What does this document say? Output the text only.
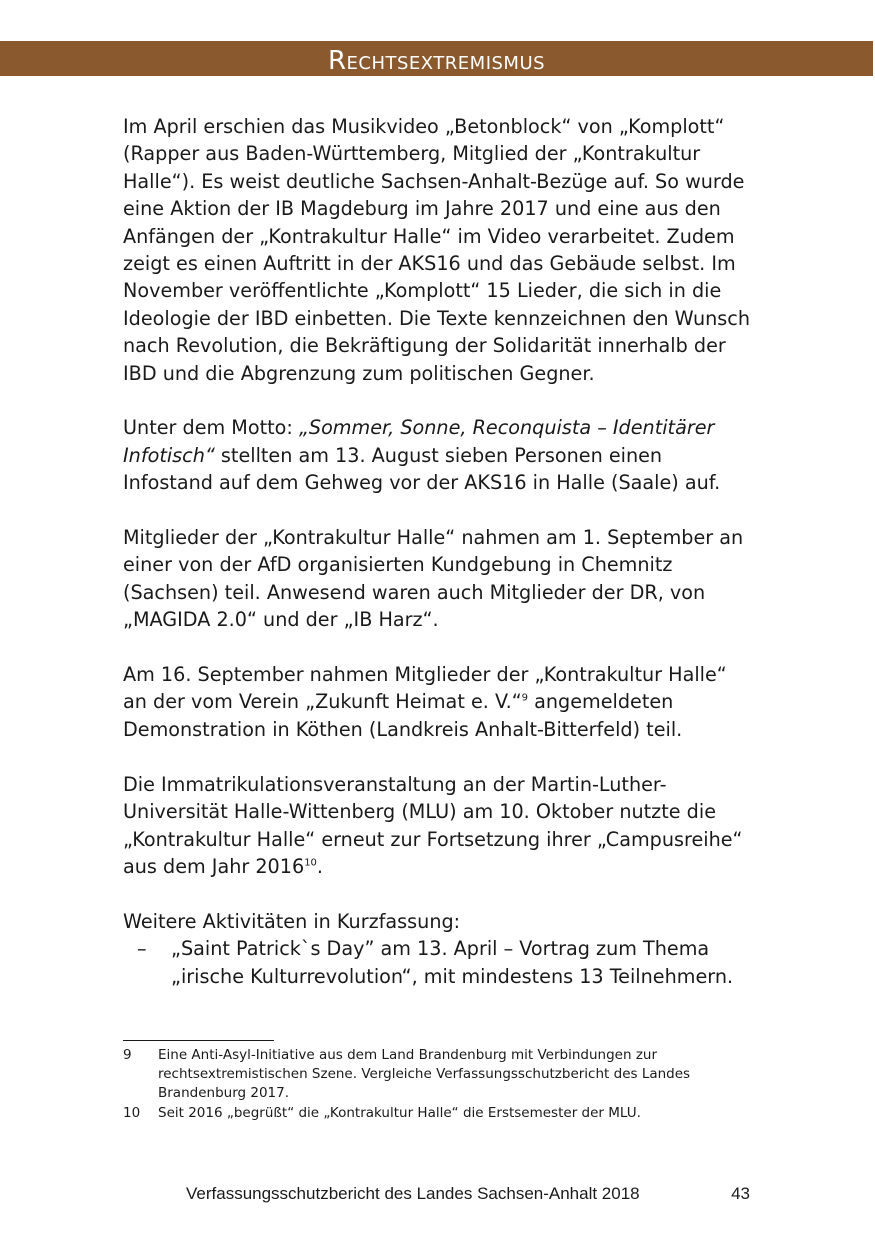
Rechtsextremismus

Im April erschien das Musikvideo „Betonblock“ von „Komplott“ (Rapper aus Baden-Württemberg, Mitglied der „Kontrakultur Halle“). Es weist deutliche Sachsen-Anhalt-Bezüge auf. So wurde eine Aktion der IB Magdeburg im Jahre 2017 und eine aus den Anfängen der „Kontrakultur Halle“ im Video verarbeitet. Zudem zeigt es einen Auftritt in der AKS16 und das Gebäude selbst. Im November veröffentlichte „Komplott“ 15 Lieder, die sich in die Ideologie der IBD einbetten. Die Texte kennzeichnen den Wunsch nach Revolution, die Bekräftigung der Solidarität innerhalb der IBD und die Abgrenzung zum politischen Gegner.

Unter dem Motto: „Sommer, Sonne, Reconquista – Identitärer Infotisch“ stellten am 13. August sieben Personen einen Infostand auf dem Gehweg vor der AKS16 in Halle (Saale) auf.

Mitglieder der „Kontrakultur Halle“ nahmen am 1. September an einer von der AfD organisierten Kundgebung in Chemnitz (Sachsen) teil. Anwesend waren auch Mitglieder der DR, von „MAGIDA 2.0“ und der „IB Harz“.

Am 16. September nahmen Mitglieder der „Kontrakultur Halle“ an der vom Verein „Zukunft Heimat e. V.“$^9$ angemeldeten Demonstration in Köthen (Landkreis Anhalt-Bitterfeld) teil.

Die Immatrikulationsveranstaltung an der Martin-Luther-Universität Halle-Wittenberg (MLU) am 10. Oktober nutzte die „Kontrakultur Halle“ erneut zur Fortsetzung ihrer „Campusreihe“ aus dem Jahr 2016$^{10}$.

Weitere Aktivitäten in Kurzfassung:

– „Saint Patrick`s Day” am 13. April – Vortrag zum Thema „irische Kulturrevolution“, mit mindestens 13 Teilnehmern.
9 Eine Anti-Asyl-Initiative aus dem Land Brandenburg mit Verbindungen zur rechtsextremistischen Szene. Vergleiche Verfassungsschutzbericht des Landes Brandenburg 2017.
10 Seit 2016 „begrüßt“ die „Kontrakultur Halle“ die Erstsemester der MLU.
Verfassungsschutzbericht des Landes Sachsen-Anhalt 2018	43
